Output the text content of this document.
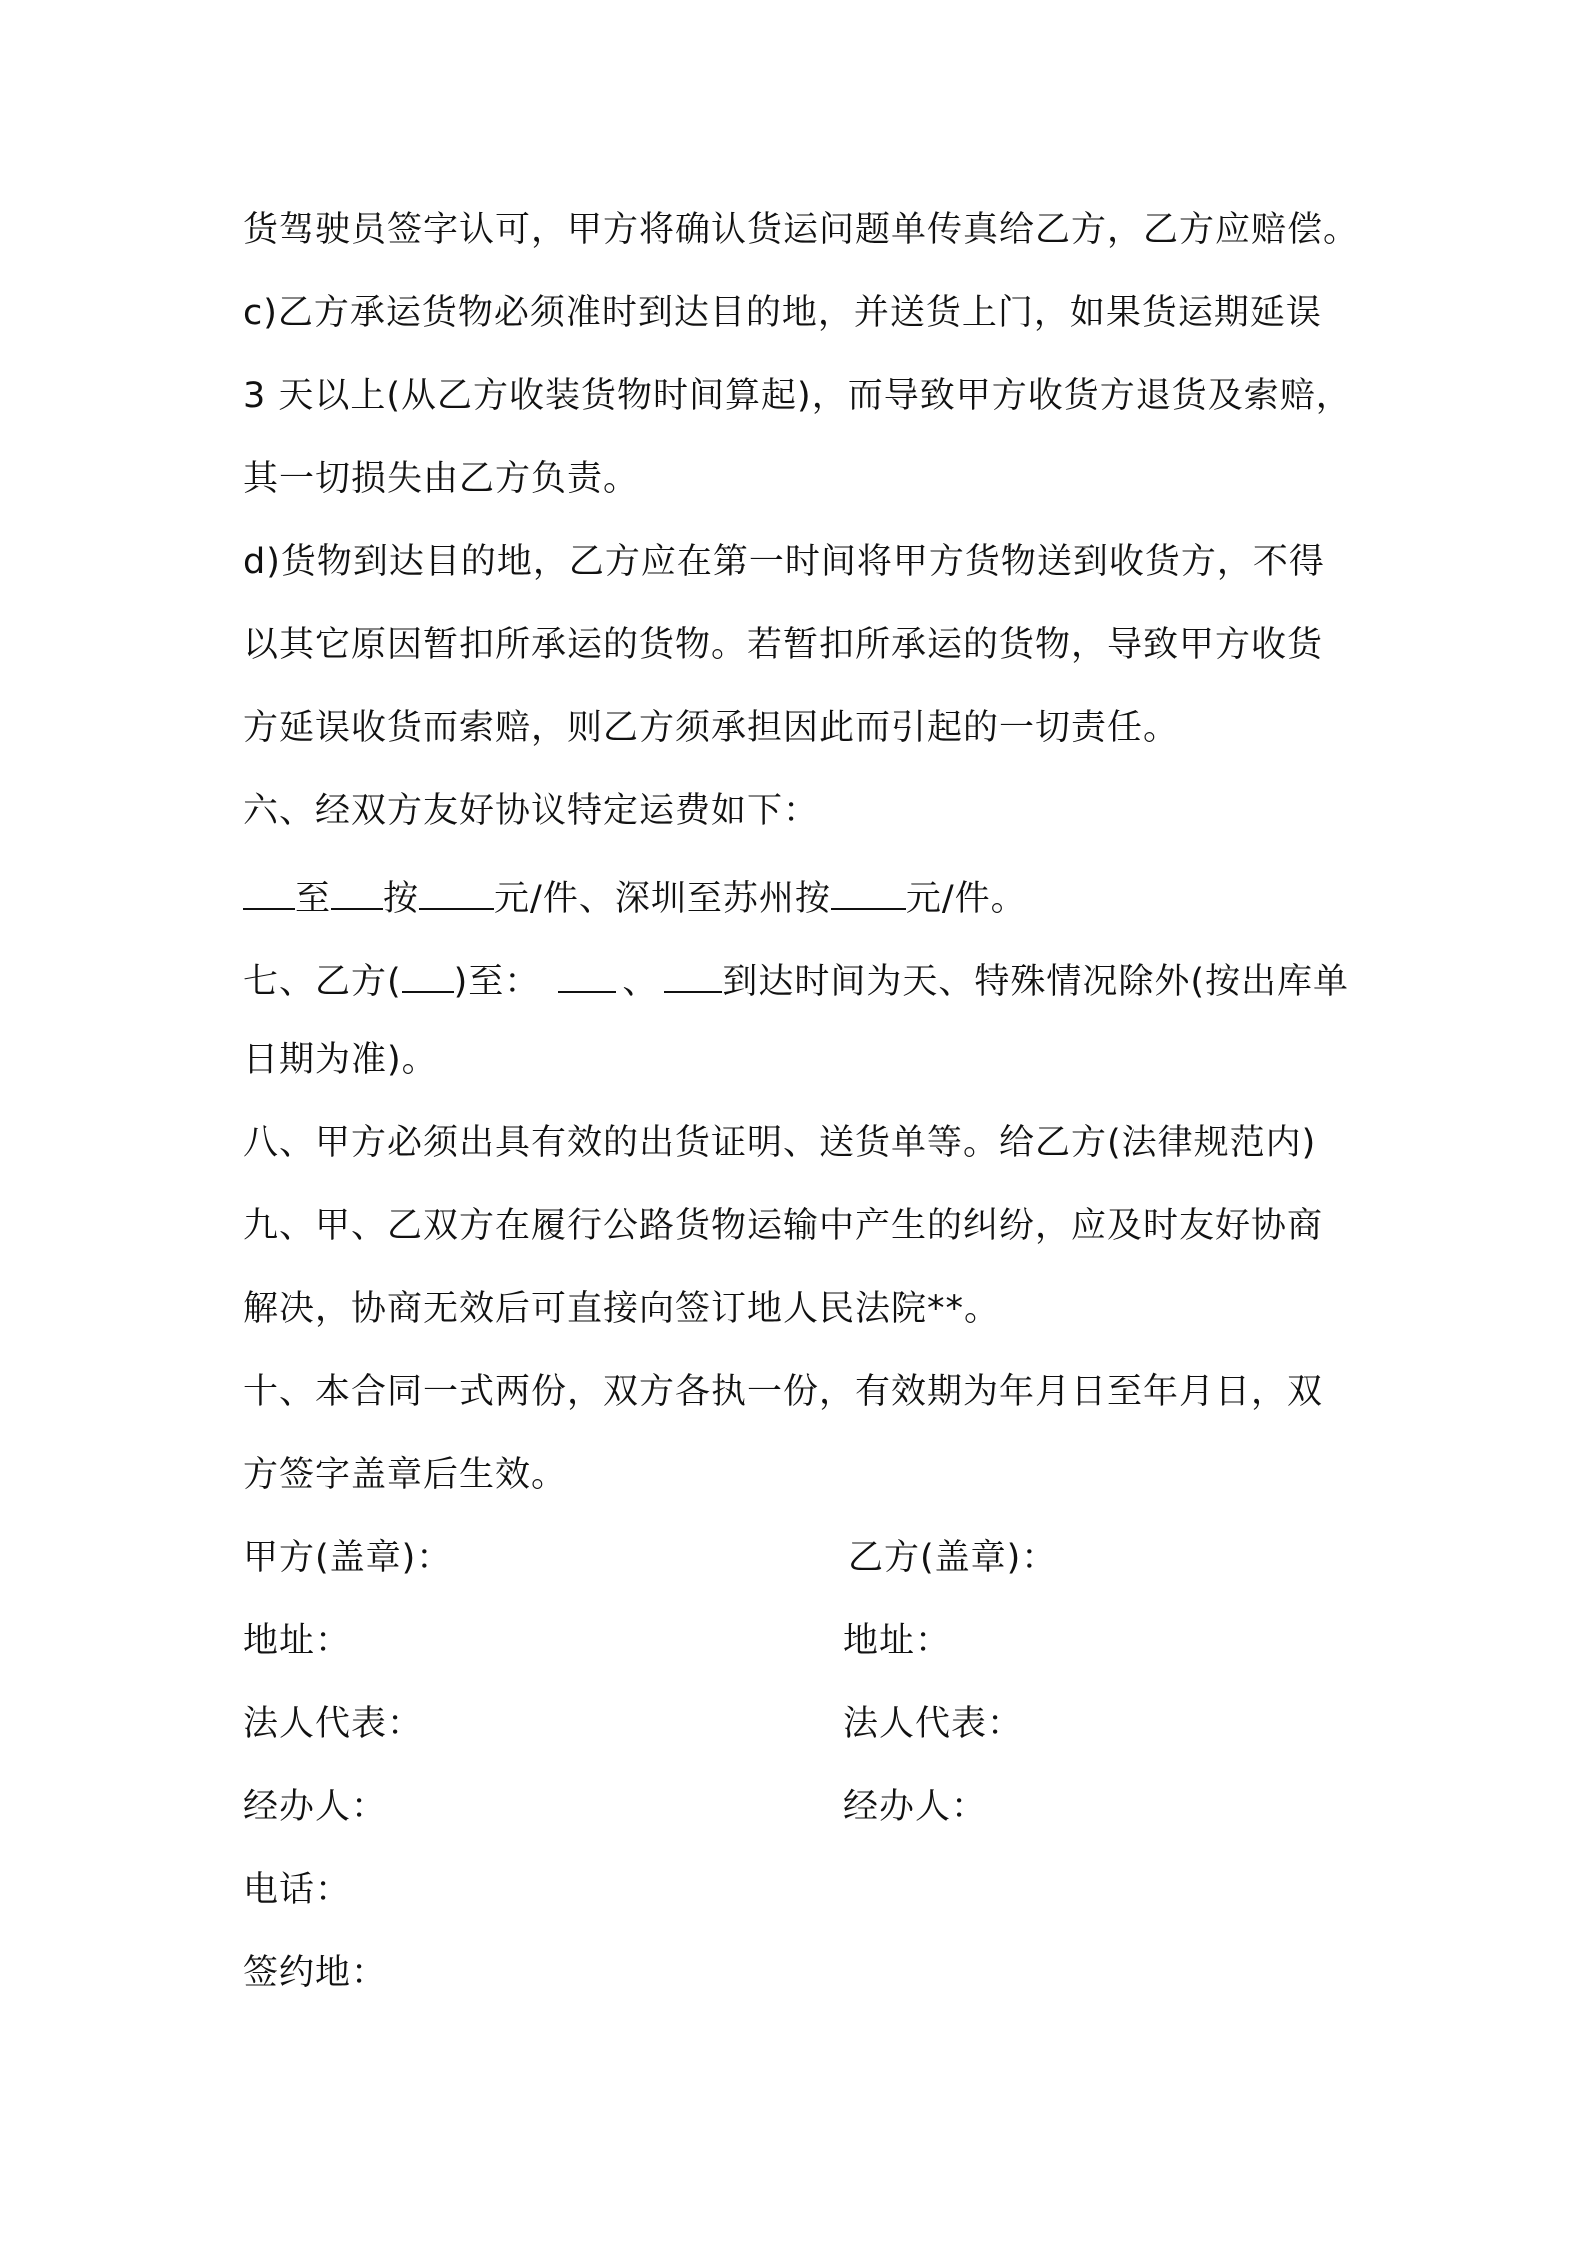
货驾驶员签字认可，甲方将确认货运问题单传真给乙方，乙方应赔偿。
c)乙方承运货物必须准时到达目的地，并送货上门，如果货运期延误
3 天以上(从乙方收装货物时间算起)，而导致甲方收货方退货及索赔，
其一切损失由乙方负责。
d)货物到达目的地，乙方应在第一时间将甲方货物送到收货方，不得
以其它原因暂扣所承运的货物。若暂扣所承运的货物，导致甲方收货
方延误收货而索赔，则乙方须承担因此而引起的一切责任。
六、经双方友好协议特定运费如下：
至 按 元/件、深圳至苏州按 元/件。
七、乙方( )至： 、 到达时间为天、特殊情况除外(按出库单
日期为准)。
八、甲方必须出具有效的出货证明、送货单等。给乙方(法律规范内)
九、甲、乙双方在履行公路货物运输中产生的纠纷，应及时友好协商
解决，协商无效后可直接向签订地人民法院**。
十、本合同一式两份，双方各执一份，有效期为年月日至年月日，双
方签字盖章后生效。
甲方(盖章)：	乙方(盖章)：
地址：	地址：
法人代表：	法人代表：
经办人：	经办人：
电话：
签约地：
